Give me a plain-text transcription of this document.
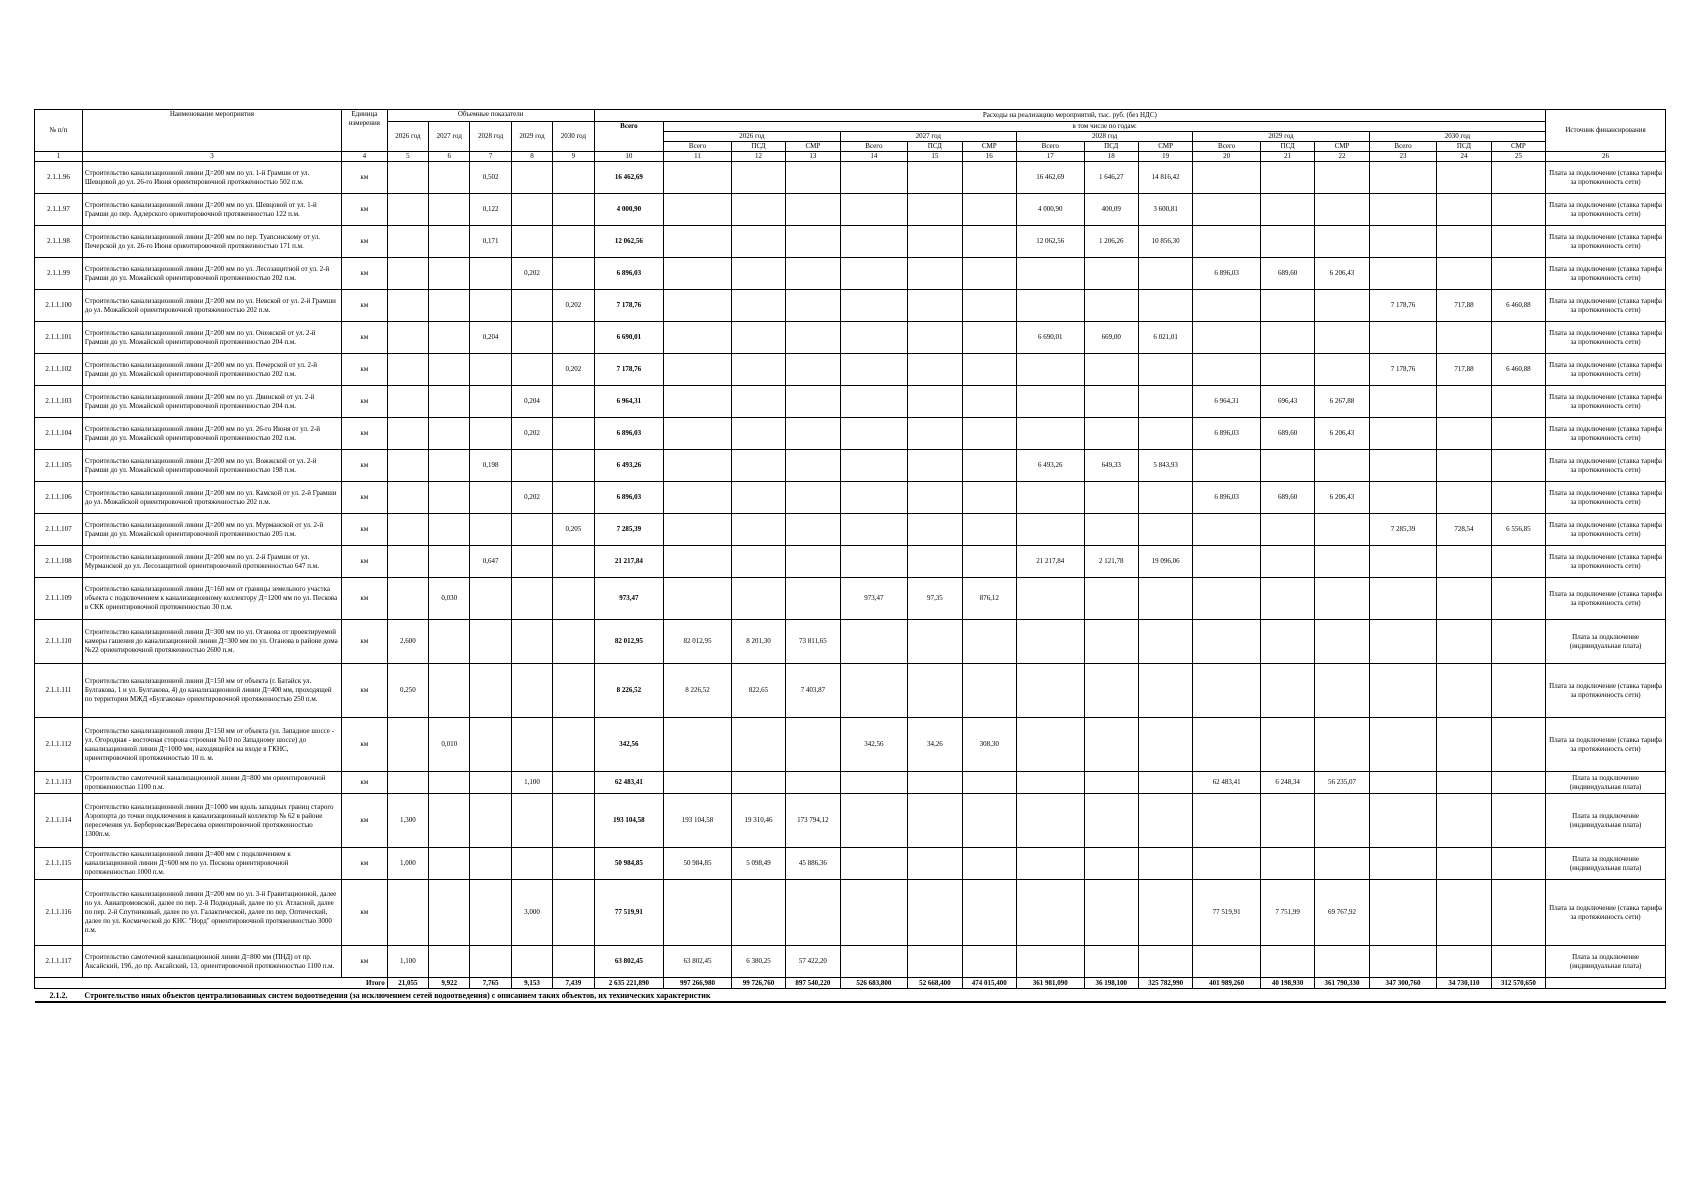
№ п/п	Наименование мероприятия	Единица измерения	Объемные показатели					Расходы на реализацию мероприятий, тыс. руб. (без НДС)																Источник финансирования
			2026 год	2027 год	2028 год	2029 год	2030 год	Всего	в том числе по годам:															
									2026 год			2027 год			2028 год			2029 год			2030 год			
									Всего	ПСД	СМР	Всего	ПСД	СМР	Всего	ПСД	СМР	Всего	ПСД	СМР	Всего	ПСД	СМР	
1	3	4	5	6	7	8	9	10	11	12	13	14	15	16	17	18	19	20	21	22	23	24	25	26
2.1.1.96	Строительство канализационной линии Д=200 мм по ул. 1-й Грамши от ул. Шевцовой до ул. 26-го Июня ориентировочной протяженностью 502 п.м.	км			0,502			16 462,69							16 462,69	1 646,27	14 816,42							Плата за подключение (ставка тарифа за протяженность сети)
2.1.1.97	Строительство канализационной линии Д=200 мм по ул. Шевцовой от ул. 1-й Грамши до пер. Адлерского ориентировочной протяженностью 122 п.м.	км			0,122			4 000,90							4 000,90	400,09	3 600,81							Плата за подключение (ставка тарифа за протяженность сети)
2.1.1.98	Строительство канализационной линии Д=200 мм по пер. Туапсинскому от ул. Печерской до ул. 26-го Июня ориентировочной протяженностью 171 п.м.	км			0,171			12 062,56							12 062,56	1 206,26	10 856,30							Плата за подключение (ставка тарифа за протяженность сети)
2.1.1.99	Строительство канализационной линии Д=200 мм по ул. Лесозащитной от ул. 2-й Грамши до ул. Можайской ориентировочной протяженностью 202 п.м.	км				0,202		6 896,03										6 896,03	689,60	6 206,43				Плата за подключение (ставка тарифа за протяженность сети)
2.1.1.100	Строительство канализационной линии Д=200 мм по ул. Невской от ул. 2-й Грамши до ул. Можайской ориентировочной протяженностью 202 п.м.	км					0,202	7 178,76													7 178,76	717,88	6 460,88	Плата за подключение (ставка тарифа за протяженность сети)
2.1.1.101	Строительство канализационной линии Д=200 мм по ул. Онежской от ул. 2-й Грамши до ул. Можайской ориентировочной протяженностью 204 п.м.	км			0,204			6 690,01							6 690,01	669,00	6 021,01							Плата за подключение (ставка тарифа за протяженность сети)
2.1.1.102	Строительство канализационной линии Д=200 мм по ул. Печерской от ул. 2-й Грамши до ул. Можайской ориентировочной протяженностью 202 п.м.	км					0,202	7 178,76													7 178,76	717,88	6 460,88	Плата за подключение (ставка тарифа за протяженность сети)
2.1.1.103	Строительство канализационной линии Д=200 мм по ул. Двинской от ул. 2-й Грамши до ул. Можайской ориентировочной протяженностью 204 п.м.	км				0,204		6 964,31										6 964,31	696,43	6 267,88				Плата за подключение (ставка тарифа за протяженность сети)
2.1.1.104	Строительство канализационной линии Д=200 мм по ул. 26-го Июня от ул. 2-й Грамши до ул. Можайской ориентировочной протяженностью 202 п.м.	км				0,202		6 896,03										6 896,03	689,60	6 206,43				Плата за подключение (ставка тарифа за протяженность сети)
2.1.1.105	Строительство канализационной линии Д=200 мм по ул. Вожжской от ул. 2-й Грамши до ул. Можайской ориентировочной протяженностью 198 п.м.	км			0,198			6 493,26							6 493,26	649,33	5 843,93							Плата за подключение (ставка тарифа за протяженность сети)
2.1.1.106	Строительство канализационной линии Д=200 мм по ул. Камской от ул. 2-й Грамши до ул. Можайской ориентировочной протяженностью 202 п.м.	км				0,202		6 896,03										6 896,03	689,60	6 206,43				Плата за подключение (ставка тарифа за протяженность сети)
2.1.1.107	Строительство канализационной линии Д=200 мм по ул. Мурманской от ул. 2-й Грамши до ул. Можайской ориентировочной протяженностью 205 п.м.	км					0,205	7 285,39													7 285,39	728,54	6 556,85	Плата за подключение (ставка тарифа за протяженность сети)
2.1.1.108	Строительство канализационной линии Д=200 мм по ул. 2-й Грамши от ул. Мурманской до ул. Лесозащитной ориентировочной протяженностью 647 п.м.	км			0,647			21 217,84							21 217,84	2 121,78	19 096,06							Плата за подключение (ставка тарифа за протяженность сети)
2.1.1.109	Строительство канализационной линии Д=160 мм от границы земельного участка объекта с подключением к канализационному коллектору Д=1200 мм по ул. Пескова в СКК ориентировочной протяженностью 30 п.м.	км		0,030				973,47				973,47	97,35	876,12										Плата за подключение (ставка тарифа за протяженность сети)
2.1.1.110	Строительство канализационной линии Д=300 мм по ул. Оганова от проектируемой камеры гашения до канализационной линии Д=300 мм по ул. Оганова в районе дома №22 ориентировочной протяженностью 2600 п.м.	км	2,600					82 012,95	82 012,95	8 201,30	73 811,65													Плата за подключение (индивидуальная плата)
2.1.1.111	Строительство канализационной линии Д=150 мм от объекта (г. Батайск ул. Булгакова, 1 и ул. Булгакова, 4) до канализационной линии Д=400 мм, проходящей по территории МЖД «Булгакова» ориентировочной протяженностью 250 п.м.	км	0,250					8 226,52	8 226,52	822,65	7 403,87													Плата за подключение (ставка тарифа за протяженность сети)
2.1.1.112	Строительство канализационной линии Д=150 мм от объекта (ул. Западное шоссе - ул. Огородная - восточная сторона строения №10 по Западному шоссе) до канализационной линии Д=1000 мм, находящейся на входе в ГКНС, ориентировочной протяженностью 10 п. м.	км		0,010				342,56				342,56	34,26	308,30										Плата за подключение (ставка тарифа за протяженность сети)
2.1.1.113	Строительство самотечной канализационной линии Д=800 мм ориентировочной протяженностью 1100 п.м.	км				1,100		62 483,41										62 483,41	6 248,34	56 235,07				Плата за подключение (индивидуальная плата)
2.1.1.114	Строительство канализационной линии Д=1000 мм вдоль западных границ старого Аэропорта до точки подключения в канализационный коллектор № 62 в районе пересечения ул. Берберовская/Вересаева ориентировочной протяженностью 1300п.м.	км	1,300					193 104,58	193 104,58	19 310,46	173 794,12													Плата за подключение (индивидуальная плата)
2.1.1.115	Строительство канализационной линии Д=400 мм с подключением к канализационной линии Д=600 мм по ул. Пескова ориентировочной протяженностью 1000 п.м.	км	1,000					50 984,85	50 984,85	5 098,49	45 886,36													Плата за подключение (индивидуальная плата)
2.1.1.116	Строительство канализационной линии Д=200 мм по ул. 3-й Гравитационной, далее по ул. Авиапромовской, далее по пер. 2-й Пoдводный, далее по ул. Атласной, далее по пер. 2-й Спутниковый, далее по ул. Галактической, далее по пер. Оптический, далее по ул. Космической до КНС "Норд" ориентировочной протяженностью 3000 п.м.	км				3,000		77 519,91										77 519,91	7 751,99	69 767,92				Плата за подключение (ставка тарифа за протяженность сети)
2.1.1.117	Строительство самотечной канализационной линии Д=800 мм (ПНД) от пр. Аксайский, 19б, до пр. Аксайский, 13, ориентировочной протяженностью 1100 п.м.	км	1,100					63 802,45	63 802,45	6 380,25	57 422,20													Плата за подключение (индивидуальная плата)
Итого			21,055	9,922	7,765	9,153	7,439	2 635 221,890	997 266,980	99 726,760	897 540,220	526 683,800	52 668,400	474 015,400	361 981,090	36 198,100	325 782,990	401 989,260	40 198,930	361 790,330	347 300,760	34 730,110	312 570,650	
2.1.2.	Строительство иных объектов централизованных систем водоотведения (за исключением сетей водоотведения) с описанием таких объектов, их технических характеристик																							
